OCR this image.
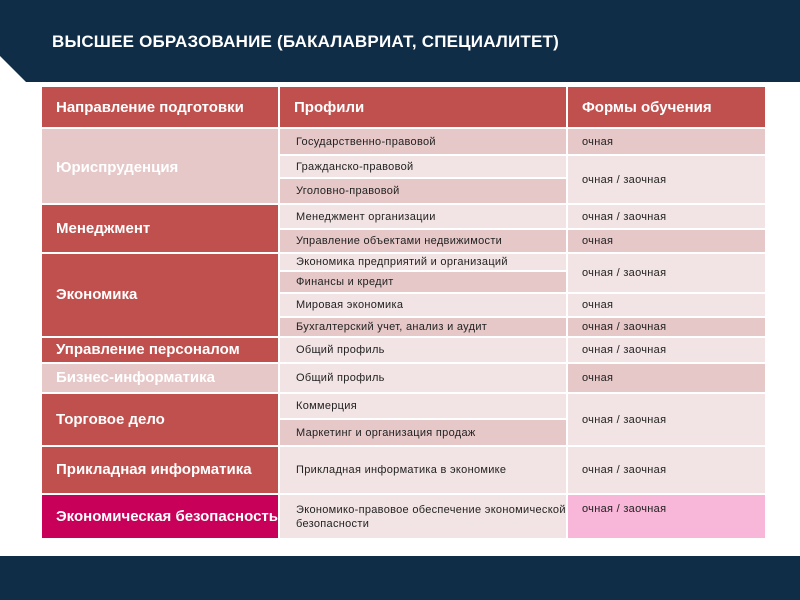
ВЫСШЕЕ ОБРАЗОВАНИЕ (БАКАЛАВРИАТ, СПЕЦИАЛИТЕТ)
Направление подготовки	Профили	Формы обучения
Юриспруденция
Менеджмент
Экономика
Управление персоналом
Бизнес-информатика
Торговое дело
Прикладная информатика
Экономическая безопасность
Государственно-правовой
Гражданско-правовой
Уголовно-правовой
Менеджмент организации
Управление объектами недвижимости
Экономика предприятий и организаций
Финансы и кредит
Мировая экономика
Бухгалтерский учет, анализ и аудит
Общий профиль
Общий профиль
Коммерция
Маркетинг и организация продаж
Прикладная информатика в экономике
Экономико-правовое обеспечение экономической безопасности
очная
очная / заочная
очная / заочная
очная
очная / заочная
очная
очная / заочная
очная / заочная
очная
очная / заочная
очная / заочная
очная / заочная
